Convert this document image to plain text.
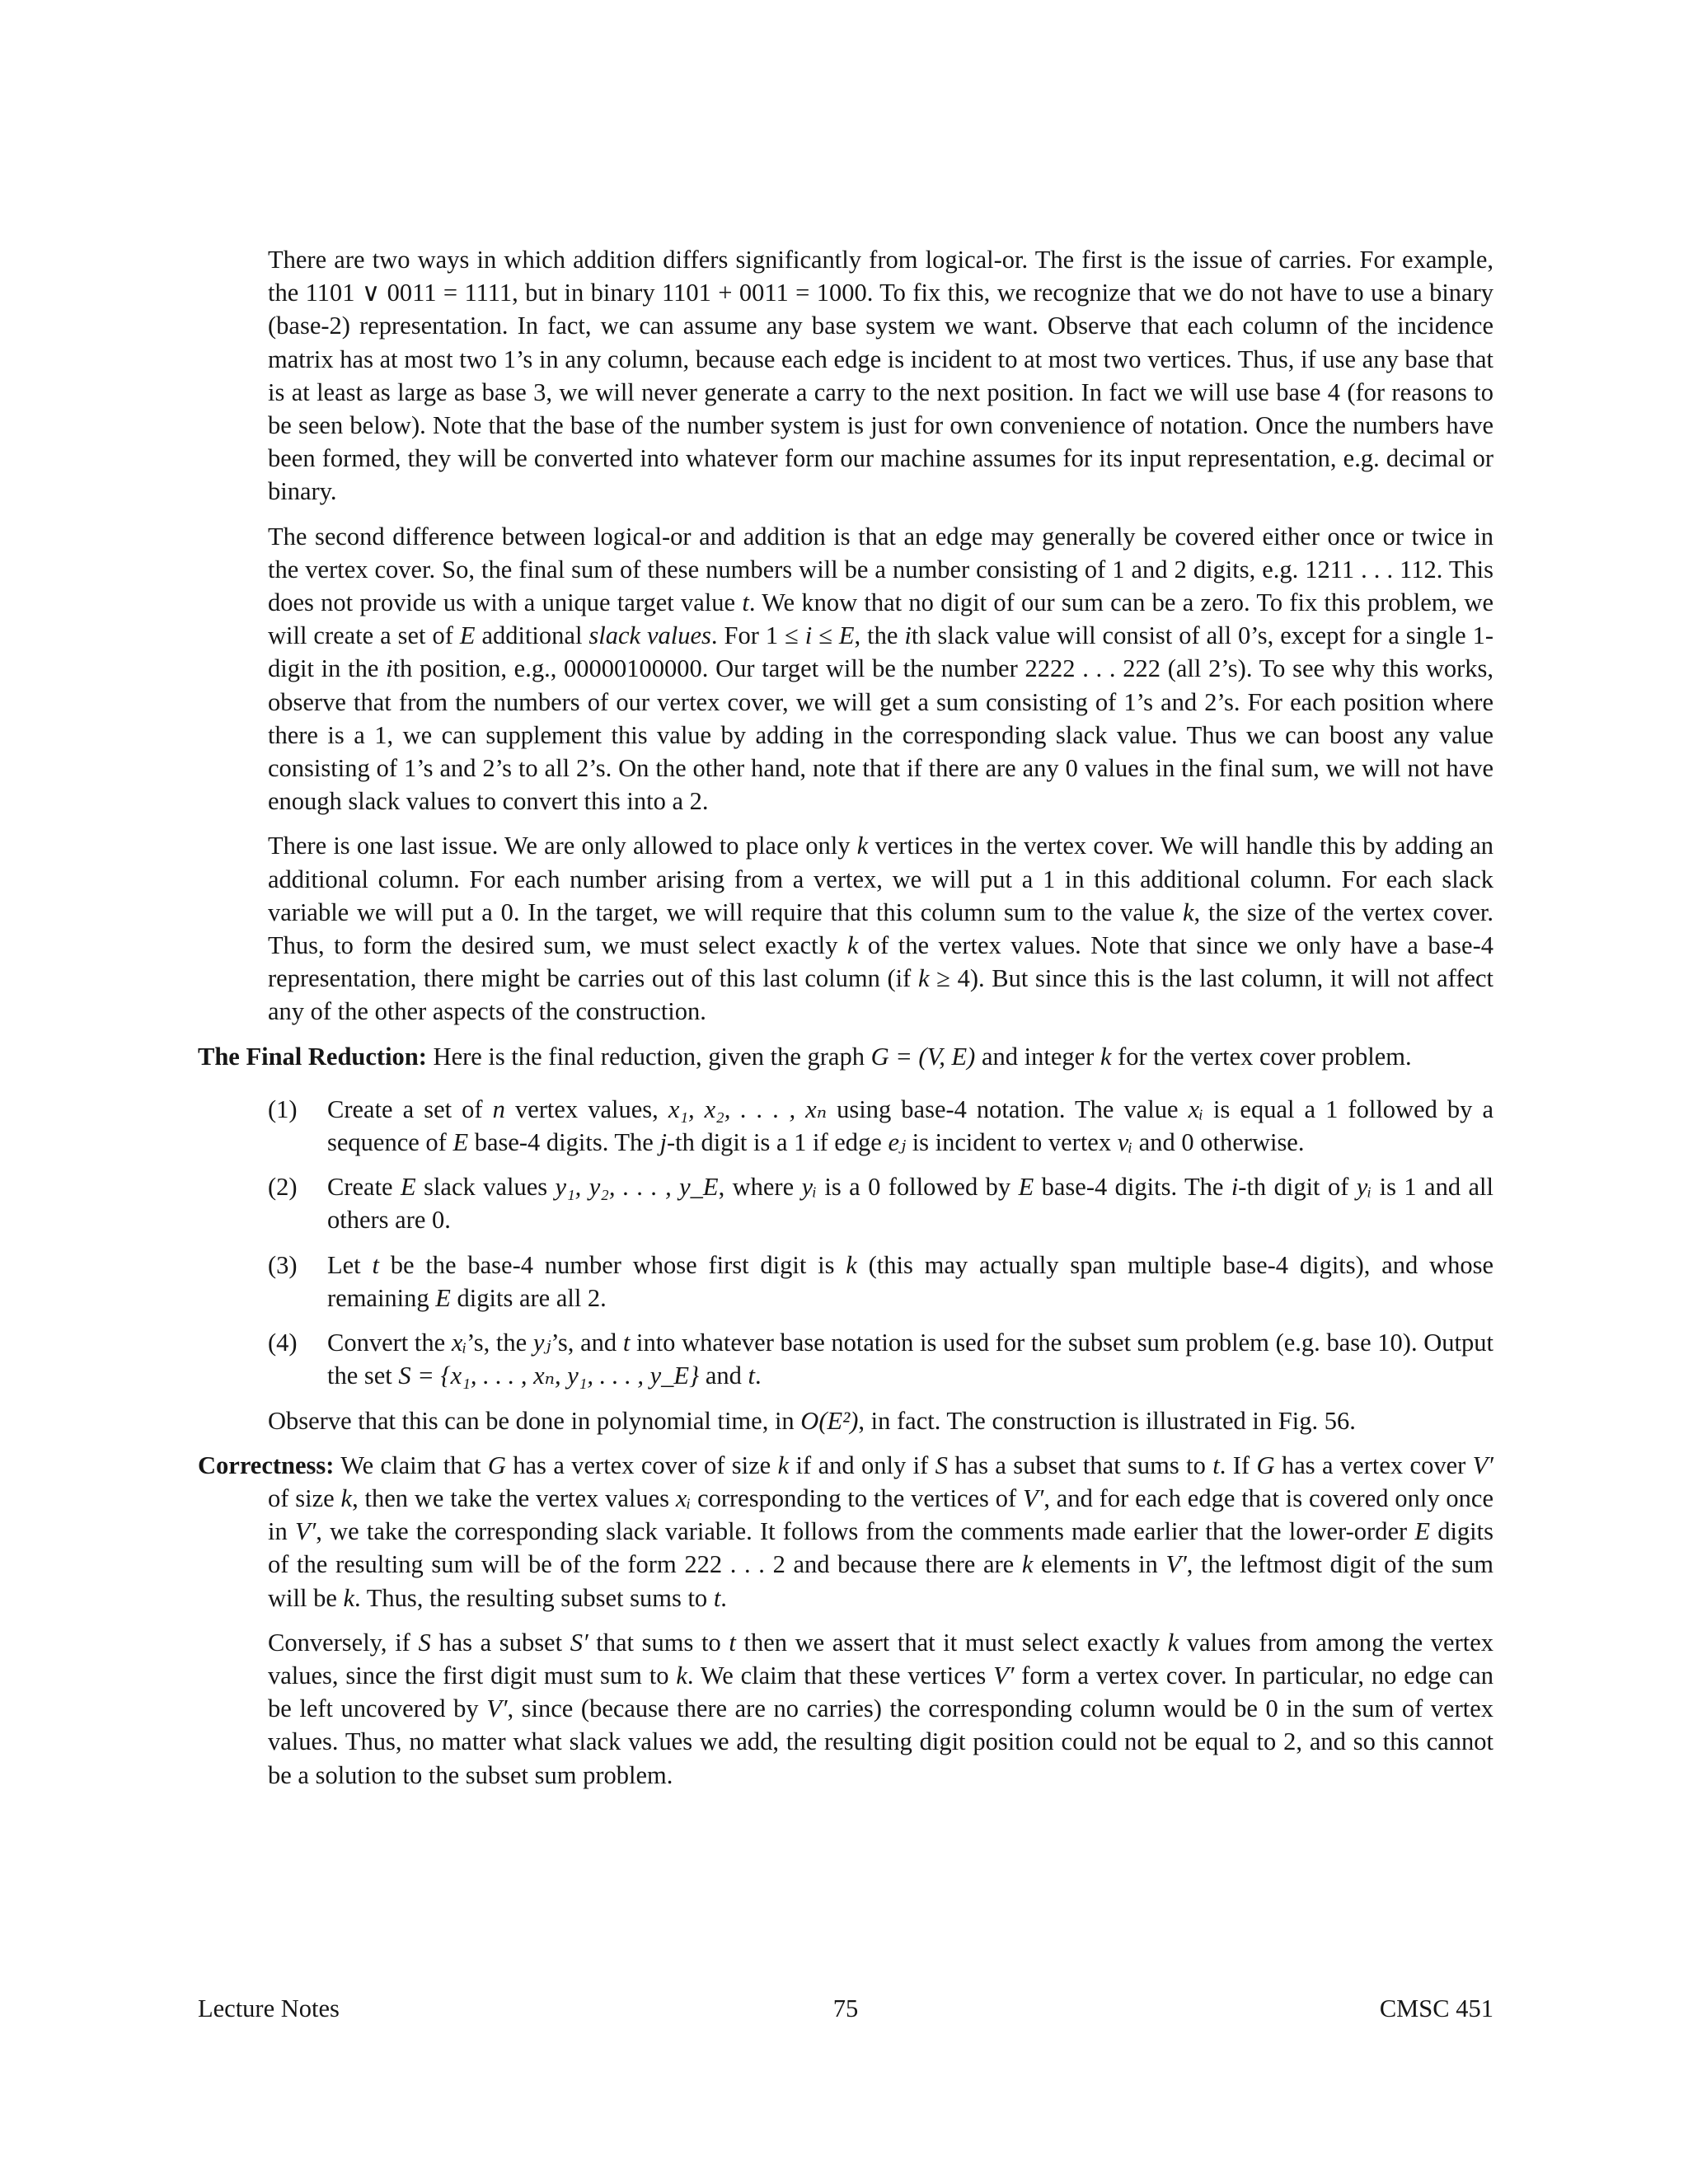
There are two ways in which addition differs significantly from logical-or. The first is the issue of carries. For example, the 1101 ∨ 0011 = 1111, but in binary 1101 + 0011 = 1000. To fix this, we recognize that we do not have to use a binary (base-2) representation. In fact, we can assume any base system we want. Observe that each column of the incidence matrix has at most two 1’s in any column, because each edge is incident to at most two vertices. Thus, if use any base that is at least as large as base 3, we will never generate a carry to the next position. In fact we will use base 4 (for reasons to be seen below). Note that the base of the number system is just for own convenience of notation. Once the numbers have been formed, they will be converted into whatever form our machine assumes for its input representation, e.g. decimal or binary.

The second difference between logical-or and addition is that an edge may generally be covered either once or twice in the vertex cover. So, the final sum of these numbers will be a number consisting of 1 and 2 digits, e.g. 1211 . . . 112. This does not provide us with a unique target value t. We know that no digit of our sum can be a zero. To fix this problem, we will create a set of E additional slack values. For 1 ≤ i ≤ E, the ith slack value will consist of all 0’s, except for a single 1-digit in the ith position, e.g., 00000100000. Our target will be the number 2222 . . . 222 (all 2’s). To see why this works, observe that from the numbers of our vertex cover, we will get a sum consisting of 1’s and 2’s. For each position where there is a 1, we can supplement this value by adding in the corresponding slack value. Thus we can boost any value consisting of 1’s and 2’s to all 2’s. On the other hand, note that if there are any 0 values in the final sum, we will not have enough slack values to convert this into a 2.

There is one last issue. We are only allowed to place only k vertices in the vertex cover. We will handle this by adding an additional column. For each number arising from a vertex, we will put a 1 in this additional column. For each slack variable we will put a 0. In the target, we will require that this column sum to the value k, the size of the vertex cover. Thus, to form the desired sum, we must select exactly k of the vertex values. Note that since we only have a base-4 representation, there might be carries out of this last column (if k ≥ 4). But since this is the last column, it will not affect any of the other aspects of the construction.

The Final Reduction: Here is the final reduction, given the graph G = (V, E) and integer k for the vertex cover problem.

(1) Create a set of n vertex values, x₁, x₂, . . . , xₙ using base-4 notation. The value xᵢ is equal a 1 followed by a sequence of E base-4 digits. The j-th digit is a 1 if edge eⱼ is incident to vertex vᵢ and 0 otherwise.
(2) Create E slack values y₁, y₂, . . . , y_E, where yᵢ is a 0 followed by E base-4 digits. The i-th digit of yᵢ is 1 and all others are 0.
(3) Let t be the base-4 number whose first digit is k (this may actually span multiple base-4 digits), and whose remaining E digits are all 2.
(4) Convert the xᵢ’s, the yⱼ’s, and t into whatever base notation is used for the subset sum problem (e.g. base 10). Output the set S = {x₁, . . . , xₙ, y₁, . . . , y_E} and t.

Observe that this can be done in polynomial time, in O(E²), in fact. The construction is illustrated in Fig. 56.

Correctness: We claim that G has a vertex cover of size k if and only if S has a subset that sums to t. If G has a vertex cover V′ of size k, then we take the vertex values xᵢ corresponding to the vertices of V′, and for each edge that is covered only once in V′, we take the corresponding slack variable. It follows from the comments made earlier that the lower-order E digits of the resulting sum will be of the form 222 . . . 2 and because there are k elements in V′, the leftmost digit of the sum will be k. Thus, the resulting subset sums to t.

Conversely, if S has a subset S′ that sums to t then we assert that it must select exactly k values from among the vertex values, since the first digit must sum to k. We claim that these vertices V′ form a vertex cover. In particular, no edge can be left uncovered by V′, since (because there are no carries) the corresponding column would be 0 in the sum of vertex values. Thus, no matter what slack values we add, the resulting digit position could not be equal to 2, and so this cannot be a solution to the subset sum problem.

Lecture Notes	75	CMSC 451
